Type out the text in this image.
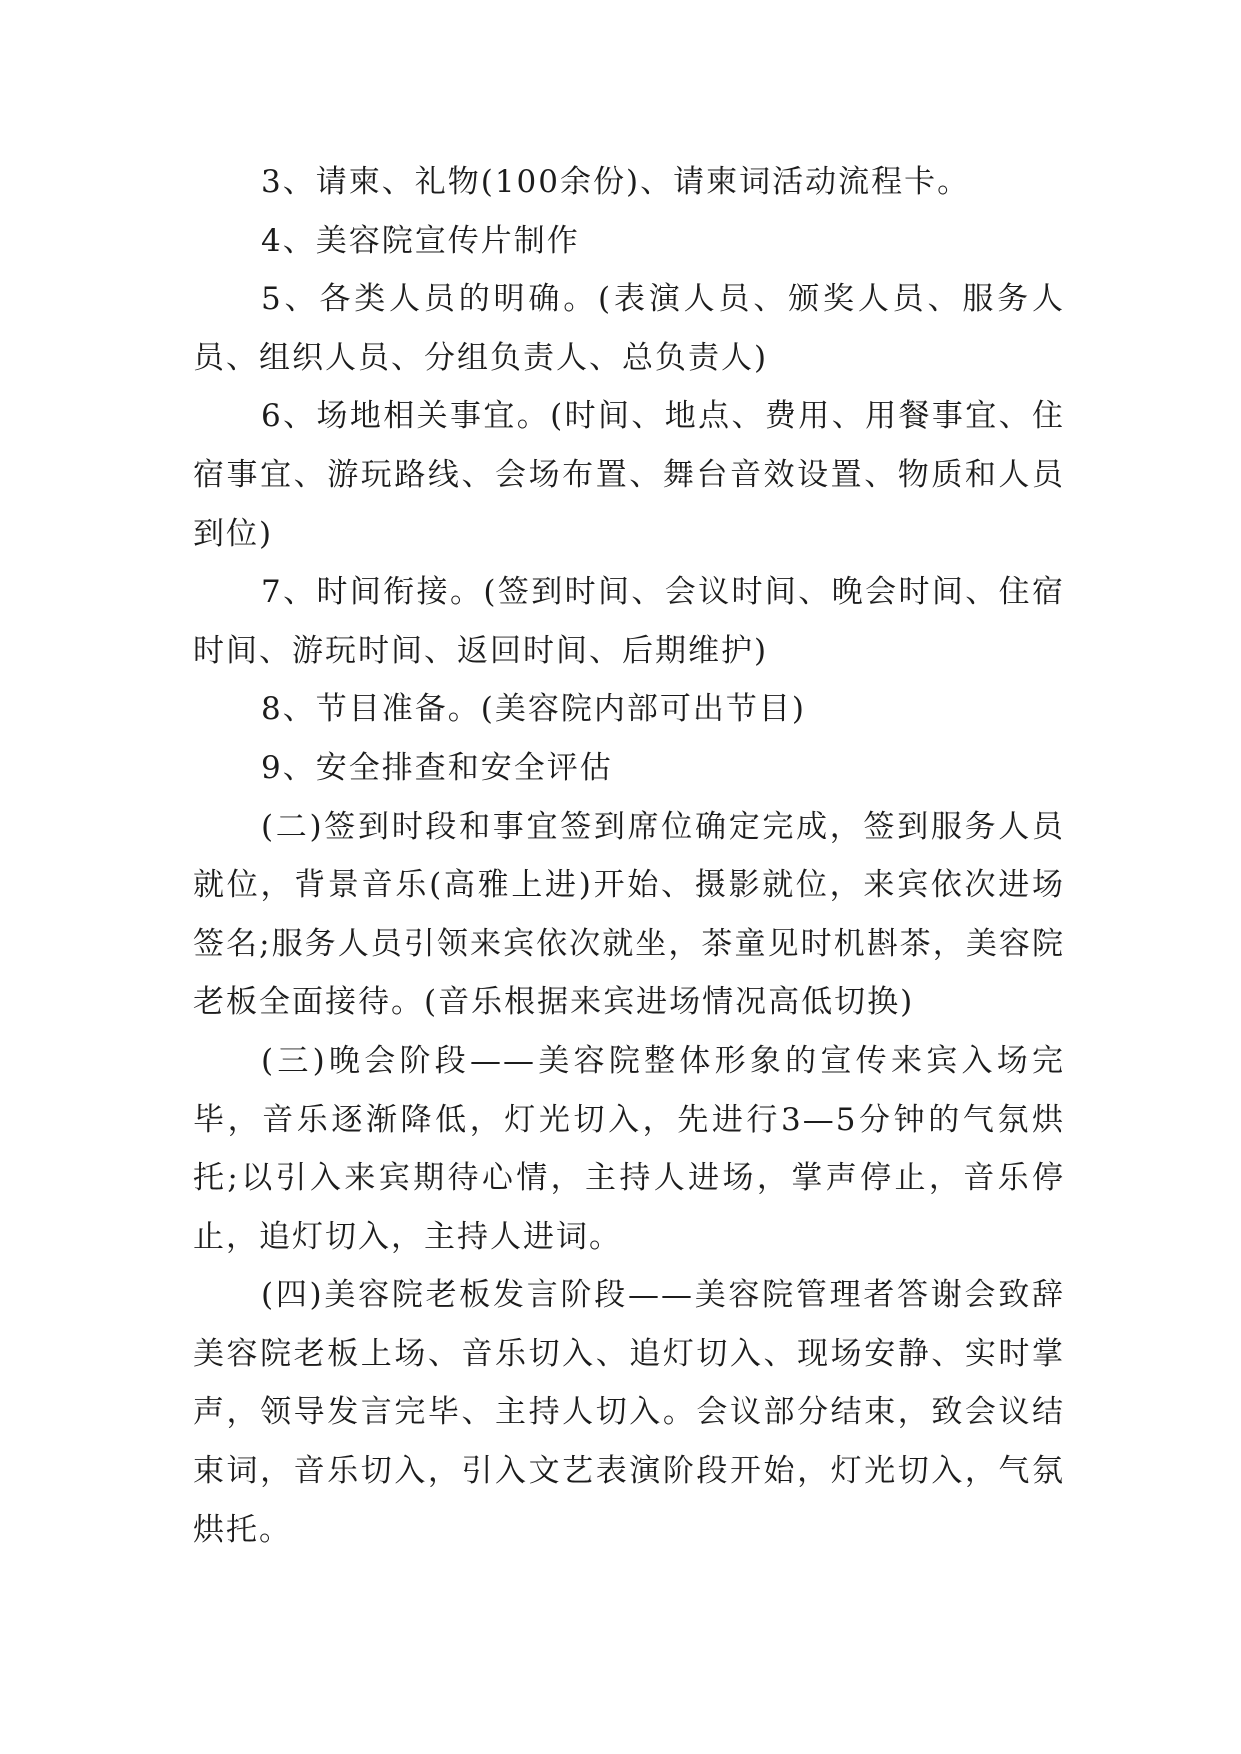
3、请柬、礼物(100余份)、请柬词活动流程卡。

4、美容院宣传片制作

5、各类人员的明确。(表演人员、颁奖人员、服务人员、组织人员、分组负责人、总负责人)

6、场地相关事宜。(时间、地点、费用、用餐事宜、住宿事宜、游玩路线、会场布置、舞台音效设置、物质和人员到位)

7、时间衔接。(签到时间、会议时间、晚会时间、住宿时间、游玩时间、返回时间、后期维护)

8、节目准备。(美容院内部可出节目)

9、安全排查和安全评估

(二)签到时段和事宜签到席位确定完成，签到服务人员就位，背景音乐(高雅上进)开始、摄影就位，来宾依次进场签名;服务人员引领来宾依次就坐，茶童见时机斟茶，美容院老板全面接待。(音乐根据来宾进场情况高低切换)

(三)晚会阶段——美容院整体形象的宣传来宾入场完毕，音乐逐渐降低，灯光切入，先进行3—5分钟的气氛烘托;以引入来宾期待心情，主持人进场，掌声停止，音乐停止，追灯切入，主持人进词。

(四)美容院老板发言阶段——美容院管理者答谢会致辞美容院老板上场、音乐切入、追灯切入、现场安静、实时掌声，领导发言完毕、主持人切入。会议部分结束，致会议结束词，音乐切入，引入文艺表演阶段开始，灯光切入，气氛烘托。
